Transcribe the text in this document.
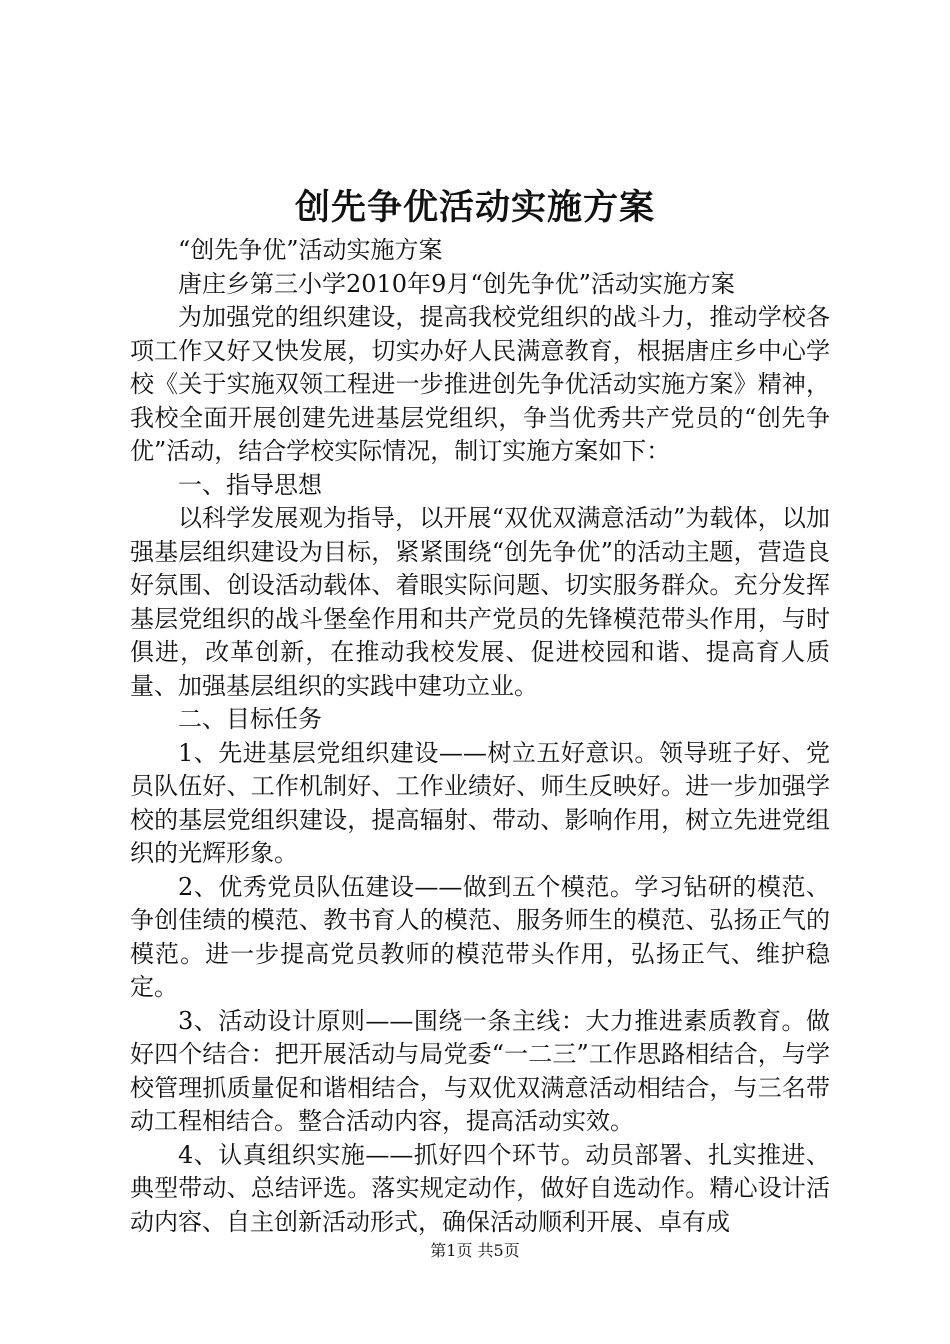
创先争优活动实施方案

“创先争优”活动实施方案

唐庄乡第三小学2010年9月“创先争优”活动实施方案

为加强党的组织建设，提高我校党组织的战斗力，推动学校各项工作又好又快发展，切实办好人民满意教育，根据唐庄乡中心学校《关于实施双领工程进一步推进创先争优活动实施方案》精神，我校全面开展创建先进基层党组织，争当优秀共产党员的“创先争优”活动，结合学校实际情况，制订实施方案如下：

一、指导思想

以科学发展观为指导，以开展“双优双满意活动”为载体，以加强基层组织建设为目标，紧紧围绕“创先争优”的活动主题，营造良好氛围、创设活动载体、着眼实际问题、切实服务群众。充分发挥基层党组织的战斗堡垒作用和共产党员的先锋模范带头作用，与时俱进，改革创新，在推动我校发展、促进校园和谐、提高育人质量、加强基层组织的实践中建功立业。

二、目标任务

1、先进基层党组织建设——树立五好意识。领导班子好、党员队伍好、工作机制好、工作业绩好、师生反映好。进一步加强学校的基层党组织建设，提高辐射、带动、影响作用，树立先进党组织的光辉形象。

2、优秀党员队伍建设——做到五个模范。学习钻研的模范、争创佳绩的模范、教书育人的模范、服务师生的模范、弘扬正气的模范。进一步提高党员教师的模范带头作用，弘扬正气、维护稳定。

3、活动设计原则——围绕一条主线：大力推进素质教育。做好四个结合：把开展活动与局党委“一二三”工作思路相结合，与学校管理抓质量促和谐相结合，与双优双满意活动相结合，与三名带动工程相结合。整合活动内容，提高活动实效。

4、认真组织实施——抓好四个环节。动员部署、扎实推进、典型带动、总结评选。落实规定动作，做好自选动作。精心设计活动内容、自主创新活动形式，确保活动顺利开展、卓有成

第1页 共5页
